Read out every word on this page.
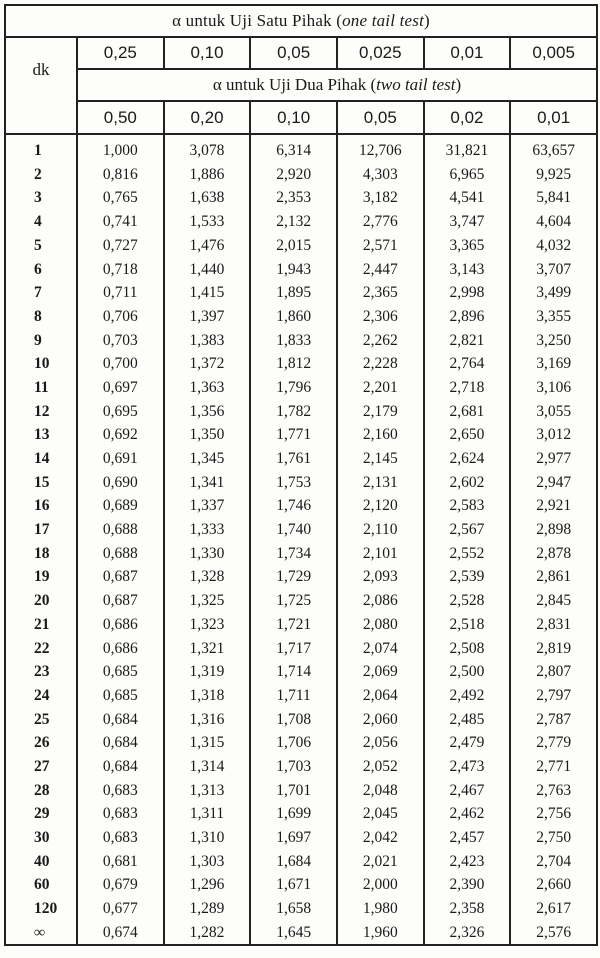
α untuk Uji Satu Pihak (one tail test)						
dk	0,25	0,10	0,05	0,025	0,01	0,005
	α untuk Uji Dua Pihak (two tail test)					
	0,50	0,20	0,10	0,05	0,02	0,01
1	1,000	3,078	6,314	12,706	31,821	63,657
2	0,816	1,886	2,920	4,303	6,965	9,925
3	0,765	1,638	2,353	3,182	4,541	5,841
4	0,741	1,533	2,132	2,776	3,747	4,604
5	0,727	1,476	2,015	2,571	3,365	4,032
6	0,718	1,440	1,943	2,447	3,143	3,707
7	0,711	1,415	1,895	2,365	2,998	3,499
8	0,706	1,397	1,860	2,306	2,896	3,355
9	0,703	1,383	1,833	2,262	2,821	3,250
10	0,700	1,372	1,812	2,228	2,764	3,169
11	0,697	1,363	1,796	2,201	2,718	3,106
12	0,695	1,356	1,782	2,179	2,681	3,055
13	0,692	1,350	1,771	2,160	2,650	3,012
14	0,691	1,345	1,761	2,145	2,624	2,977
15	0,690	1,341	1,753	2,131	2,602	2,947
16	0,689	1,337	1,746	2,120	2,583	2,921
17	0,688	1,333	1,740	2,110	2,567	2,898
18	0,688	1,330	1,734	2,101	2,552	2,878
19	0,687	1,328	1,729	2,093	2,539	2,861
20	0,687	1,325	1,725	2,086	2,528	2,845
21	0,686	1,323	1,721	2,080	2,518	2,831
22	0,686	1,321	1,717	2,074	2,508	2,819
23	0,685	1,319	1,714	2,069	2,500	2,807
24	0,685	1,318	1,711	2,064	2,492	2,797
25	0,684	1,316	1,708	2,060	2,485	2,787
26	0,684	1,315	1,706	2,056	2,479	2,779
27	0,684	1,314	1,703	2,052	2,473	2,771
28	0,683	1,313	1,701	2,048	2,467	2,763
29	0,683	1,311	1,699	2,045	2,462	2,756
30	0,683	1,310	1,697	2,042	2,457	2,750
40	0,681	1,303	1,684	2,021	2,423	2,704
60	0,679	1,296	1,671	2,000	2,390	2,660
120	0,677	1,289	1,658	1,980	2,358	2,617
∞	0,674	1,282	1,645	1,960	2,326	2,576
